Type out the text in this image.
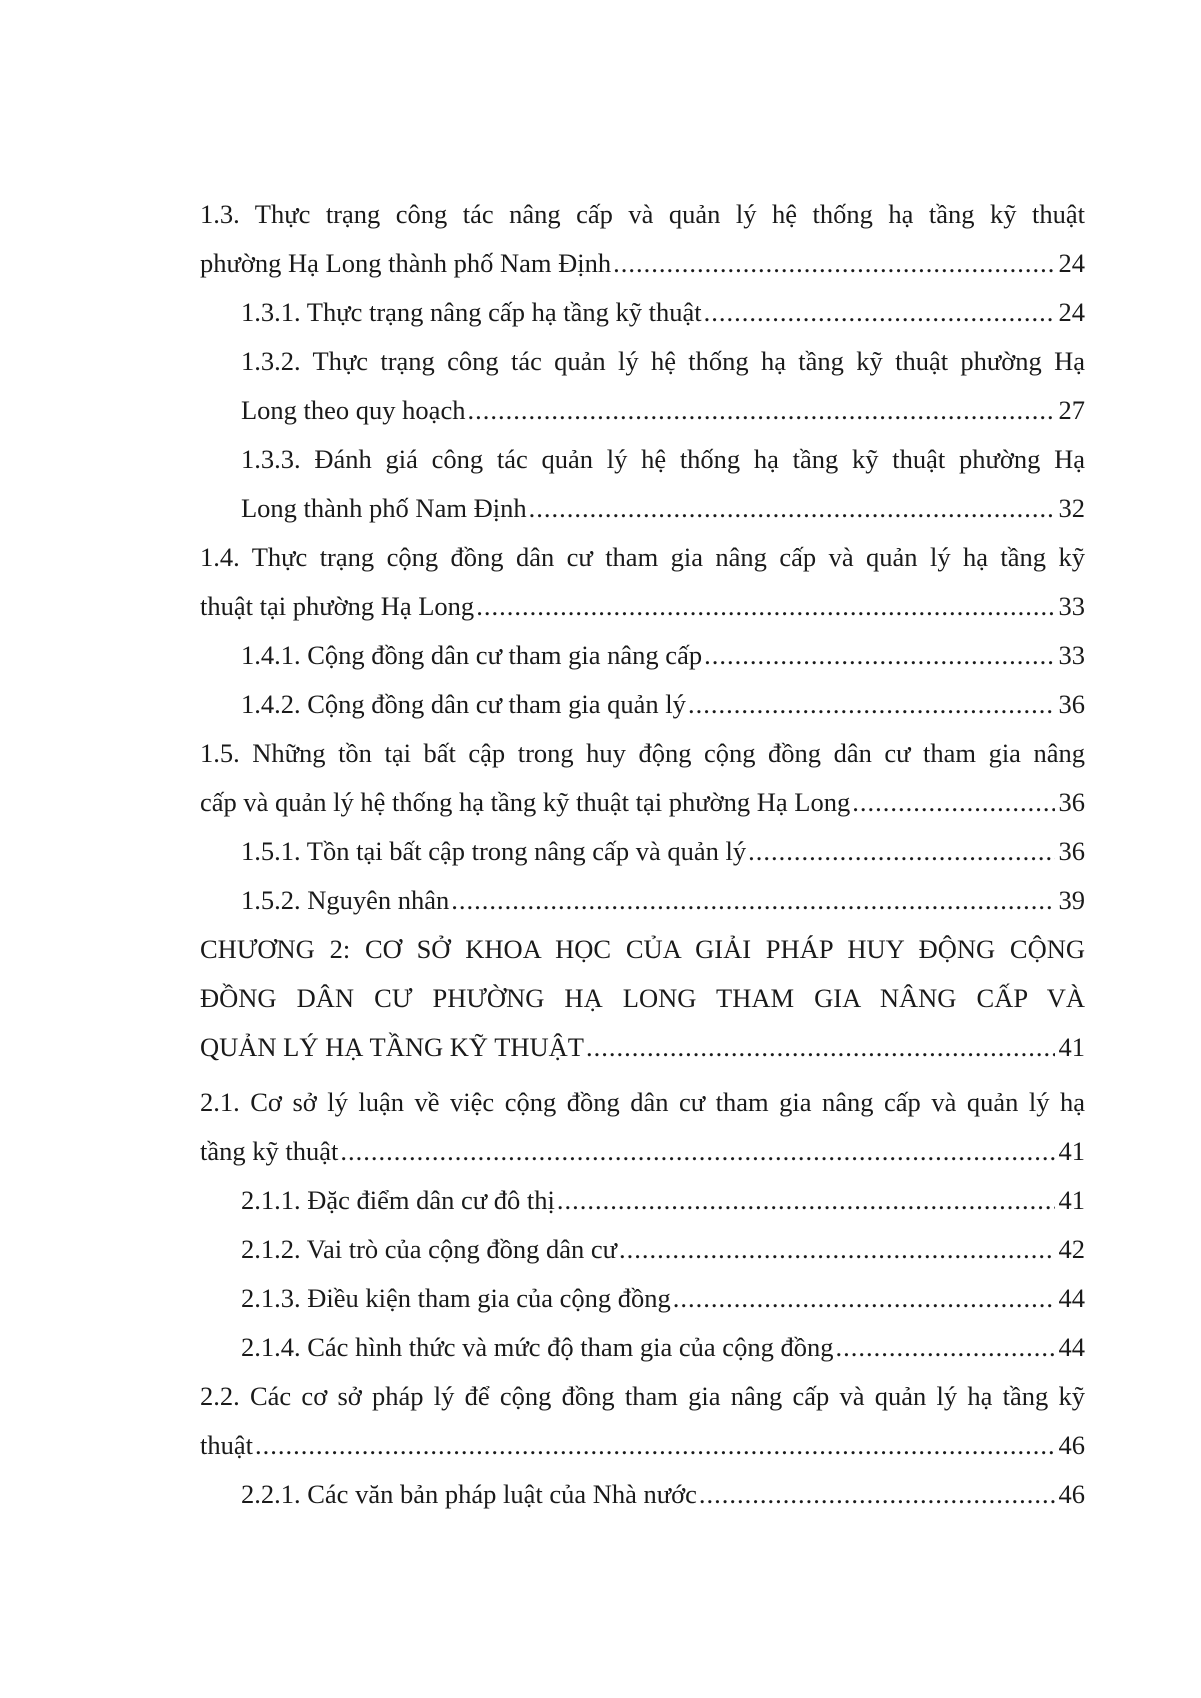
1.3. Thực trạng công tác nâng cấp và quản lý hệ thống hạ tầng kỹ thuật
phường Hạ Long thành phố Nam Định .....	24
1.3.1. Thực trạng nâng cấp hạ tầng kỹ thuật .....	24
1.3.2. Thực trạng công tác quản lý hệ thống hạ tầng kỹ thuật phường Hạ
Long theo quy hoạch .....	27
1.3.3. Đánh giá công tác quản lý hệ thống hạ tầng kỹ thuật phường Hạ
Long thành phố Nam Định .....	32
1.4. Thực trạng cộng đồng dân cư tham gia nâng cấp và quản lý hạ tầng kỹ
thuật tại phường Hạ Long .....	33
1.4.1. Cộng đồng dân cư tham gia nâng cấp .....	33
1.4.2. Cộng đồng dân cư tham gia quản lý .....	36
1.5. Những tồn tại bất cập trong huy động cộng đồng dân cư tham gia nâng
cấp và quản lý hệ thống hạ tầng kỹ thuật tại phường Hạ Long .....	36
1.5.1. Tồn tại bất cập trong nâng cấp và quản lý .....	36
1.5.2. Nguyên nhân .....	39
CHƯƠNG 2: CƠ SỞ KHOA HỌC CỦA GIẢI PHÁP HUY ĐỘNG CỘNG
ĐỒNG DÂN CƯ PHƯỜNG HẠ LONG THAM GIA NÂNG CẤP VÀ
QUẢN LÝ HẠ TẦNG KỸ THUẬT .....	41
2.1. Cơ sở lý luận về việc cộng đồng dân cư tham gia nâng cấp và quản lý hạ
tầng kỹ thuật .....	41
2.1.1. Đặc điểm dân cư đô thị .....	41
2.1.2. Vai trò của cộng đồng dân cư .....	42
2.1.3. Điều kiện tham gia của cộng đồng .....	44
2.1.4. Các hình thức và mức độ tham gia của cộng đồng .....	44
2.2. Các cơ sở pháp lý để cộng đồng tham gia nâng cấp và quản lý hạ tầng kỹ
thuật .....	46
2.2.1. Các văn bản pháp luật của Nhà nước .....	46
